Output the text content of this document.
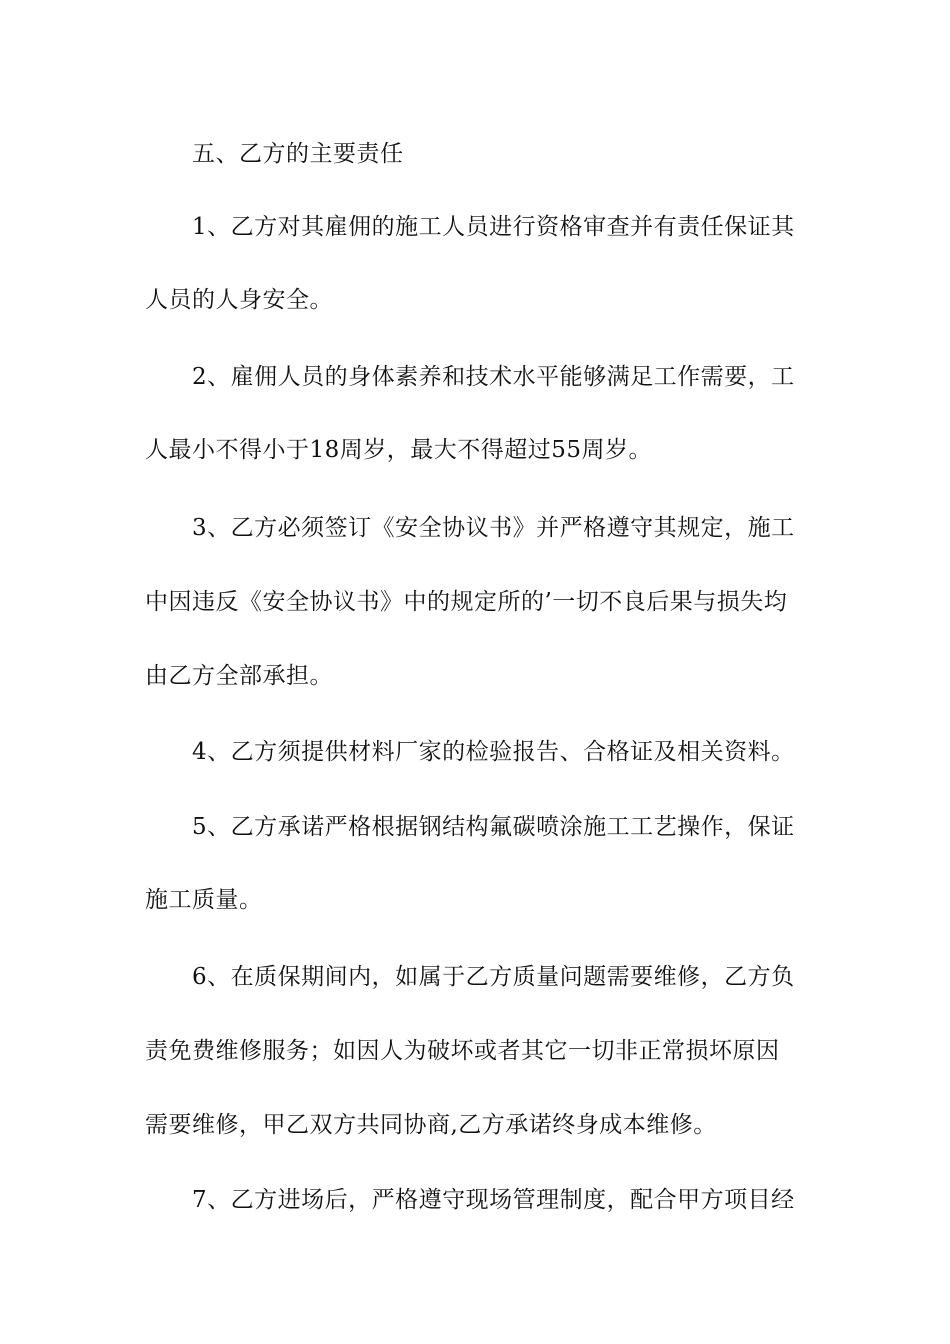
五、乙方的主要责任
1、乙方对其雇佣的施工人员进行资格审查并有责任保证其
人员的人身安全。
2、雇佣人员的身体素养和技术水平能够满足工作需要，工
人最小不得小于18周岁，最大不得超过55周岁。
3、乙方必须签订《安全协议书》并严格遵守其规定，施工
中因违反《安全协议书》中的规定所的’一切不良后果与损失均
由乙方全部承担。
4、乙方须提供材料厂家的检验报告、合格证及相关资料。
5、乙方承诺严格根据钢结构氟碳喷涂施工工艺操作，保证
施工质量。
6、在质保期间内，如属于乙方质量问题需要维修，乙方负
责免费维修服务；如因人为破坏或者其它一切非正常损坏原因
需要维修，甲乙双方共同协商,乙方承诺终身成本维修。
7、乙方进场后，严格遵守现场管理制度，配合甲方项目经
